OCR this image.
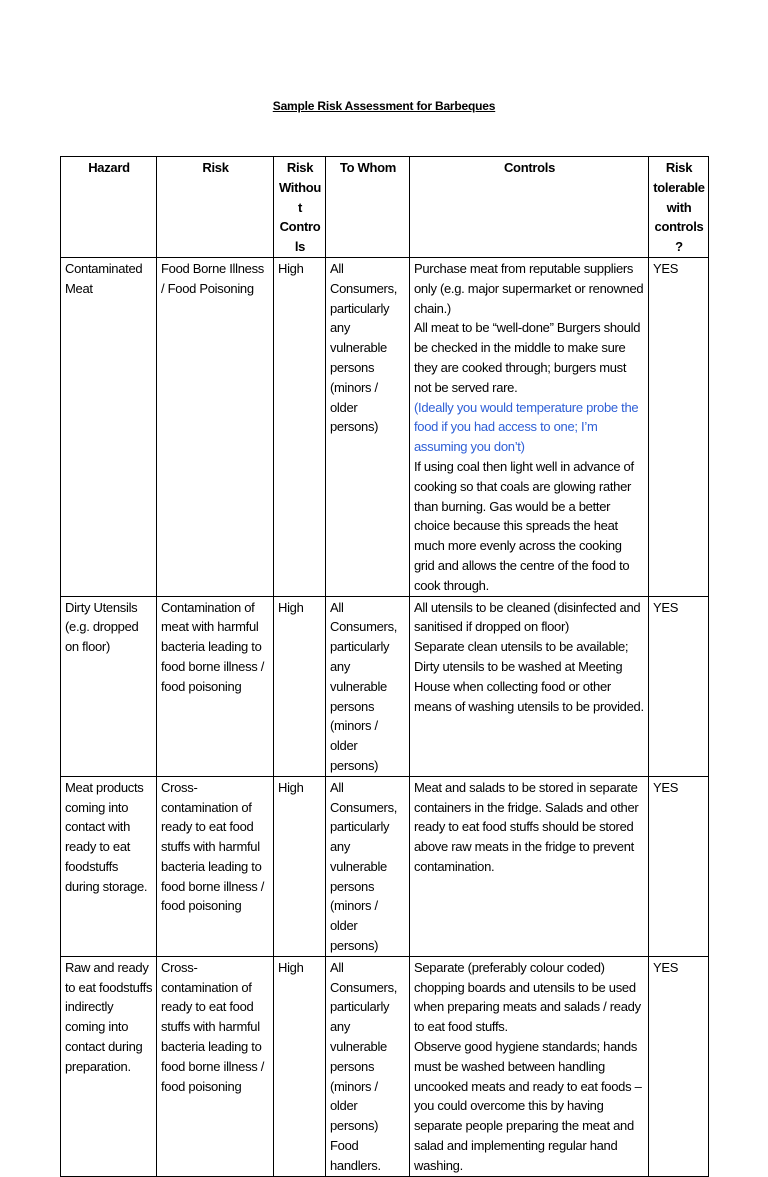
Sample Risk Assessment for Barbeques
Hazard	Risk	Risk Without Controls	To Whom	Controls	Risk tolerable with controls?
Contaminated Meat	Food Borne Illness / Food Poisoning	High	All Consumers, particularly any vulnerable persons (minors / older persons)	Purchase meat from reputable suppliers only (e.g. major supermarket or renowned chain.)
All meat to be “well-done” Burgers should be checked in the middle to make sure they are cooked through; burgers must not be served rare.
(Ideally you would temperature probe the food if you had access to one; I’m assuming you don’t)
If using coal then light well in advance of cooking so that coals are glowing rather than burning. Gas would be a better choice because this spreads the heat much more evenly across the cooking grid and allows the centre of the food to cook through.	YES
Dirty Utensils (e.g. dropped on floor)	Contamination of meat with harmful bacteria leading to food borne illness / food poisoning	High	All Consumers, particularly any vulnerable persons (minors / older persons)	All utensils to be cleaned (disinfected and sanitised if dropped on floor)
Separate clean utensils to be available; Dirty utensils to be washed at Meeting House when collecting food or other means of washing utensils to be provided.	YES
Meat products coming into contact with ready to eat foodstuffs during storage.	Cross-contamination of ready to eat food stuffs with harmful bacteria leading to food borne illness / food poisoning	High	All Consumers, particularly any vulnerable persons (minors / older persons)	Meat and salads to be stored in separate containers in the fridge. Salads and other ready to eat food stuffs should be stored above raw meats in the fridge to prevent contamination.	YES
Raw and ready to eat foodstuffs indirectly coming into contact during preparation.	Cross-contamination of ready to eat food stuffs with harmful bacteria leading to food borne illness / food poisoning	High	All Consumers, particularly any vulnerable persons (minors / older persons) Food handlers.	Separate (preferably colour coded) chopping boards and utensils to be used when preparing meats and salads / ready to eat food stuffs.
Observe good hygiene standards; hands must be washed between handling uncooked meats and ready to eat foods – you could overcome this by having separate people preparing the meat and salad and implementing regular hand washing.	YES
